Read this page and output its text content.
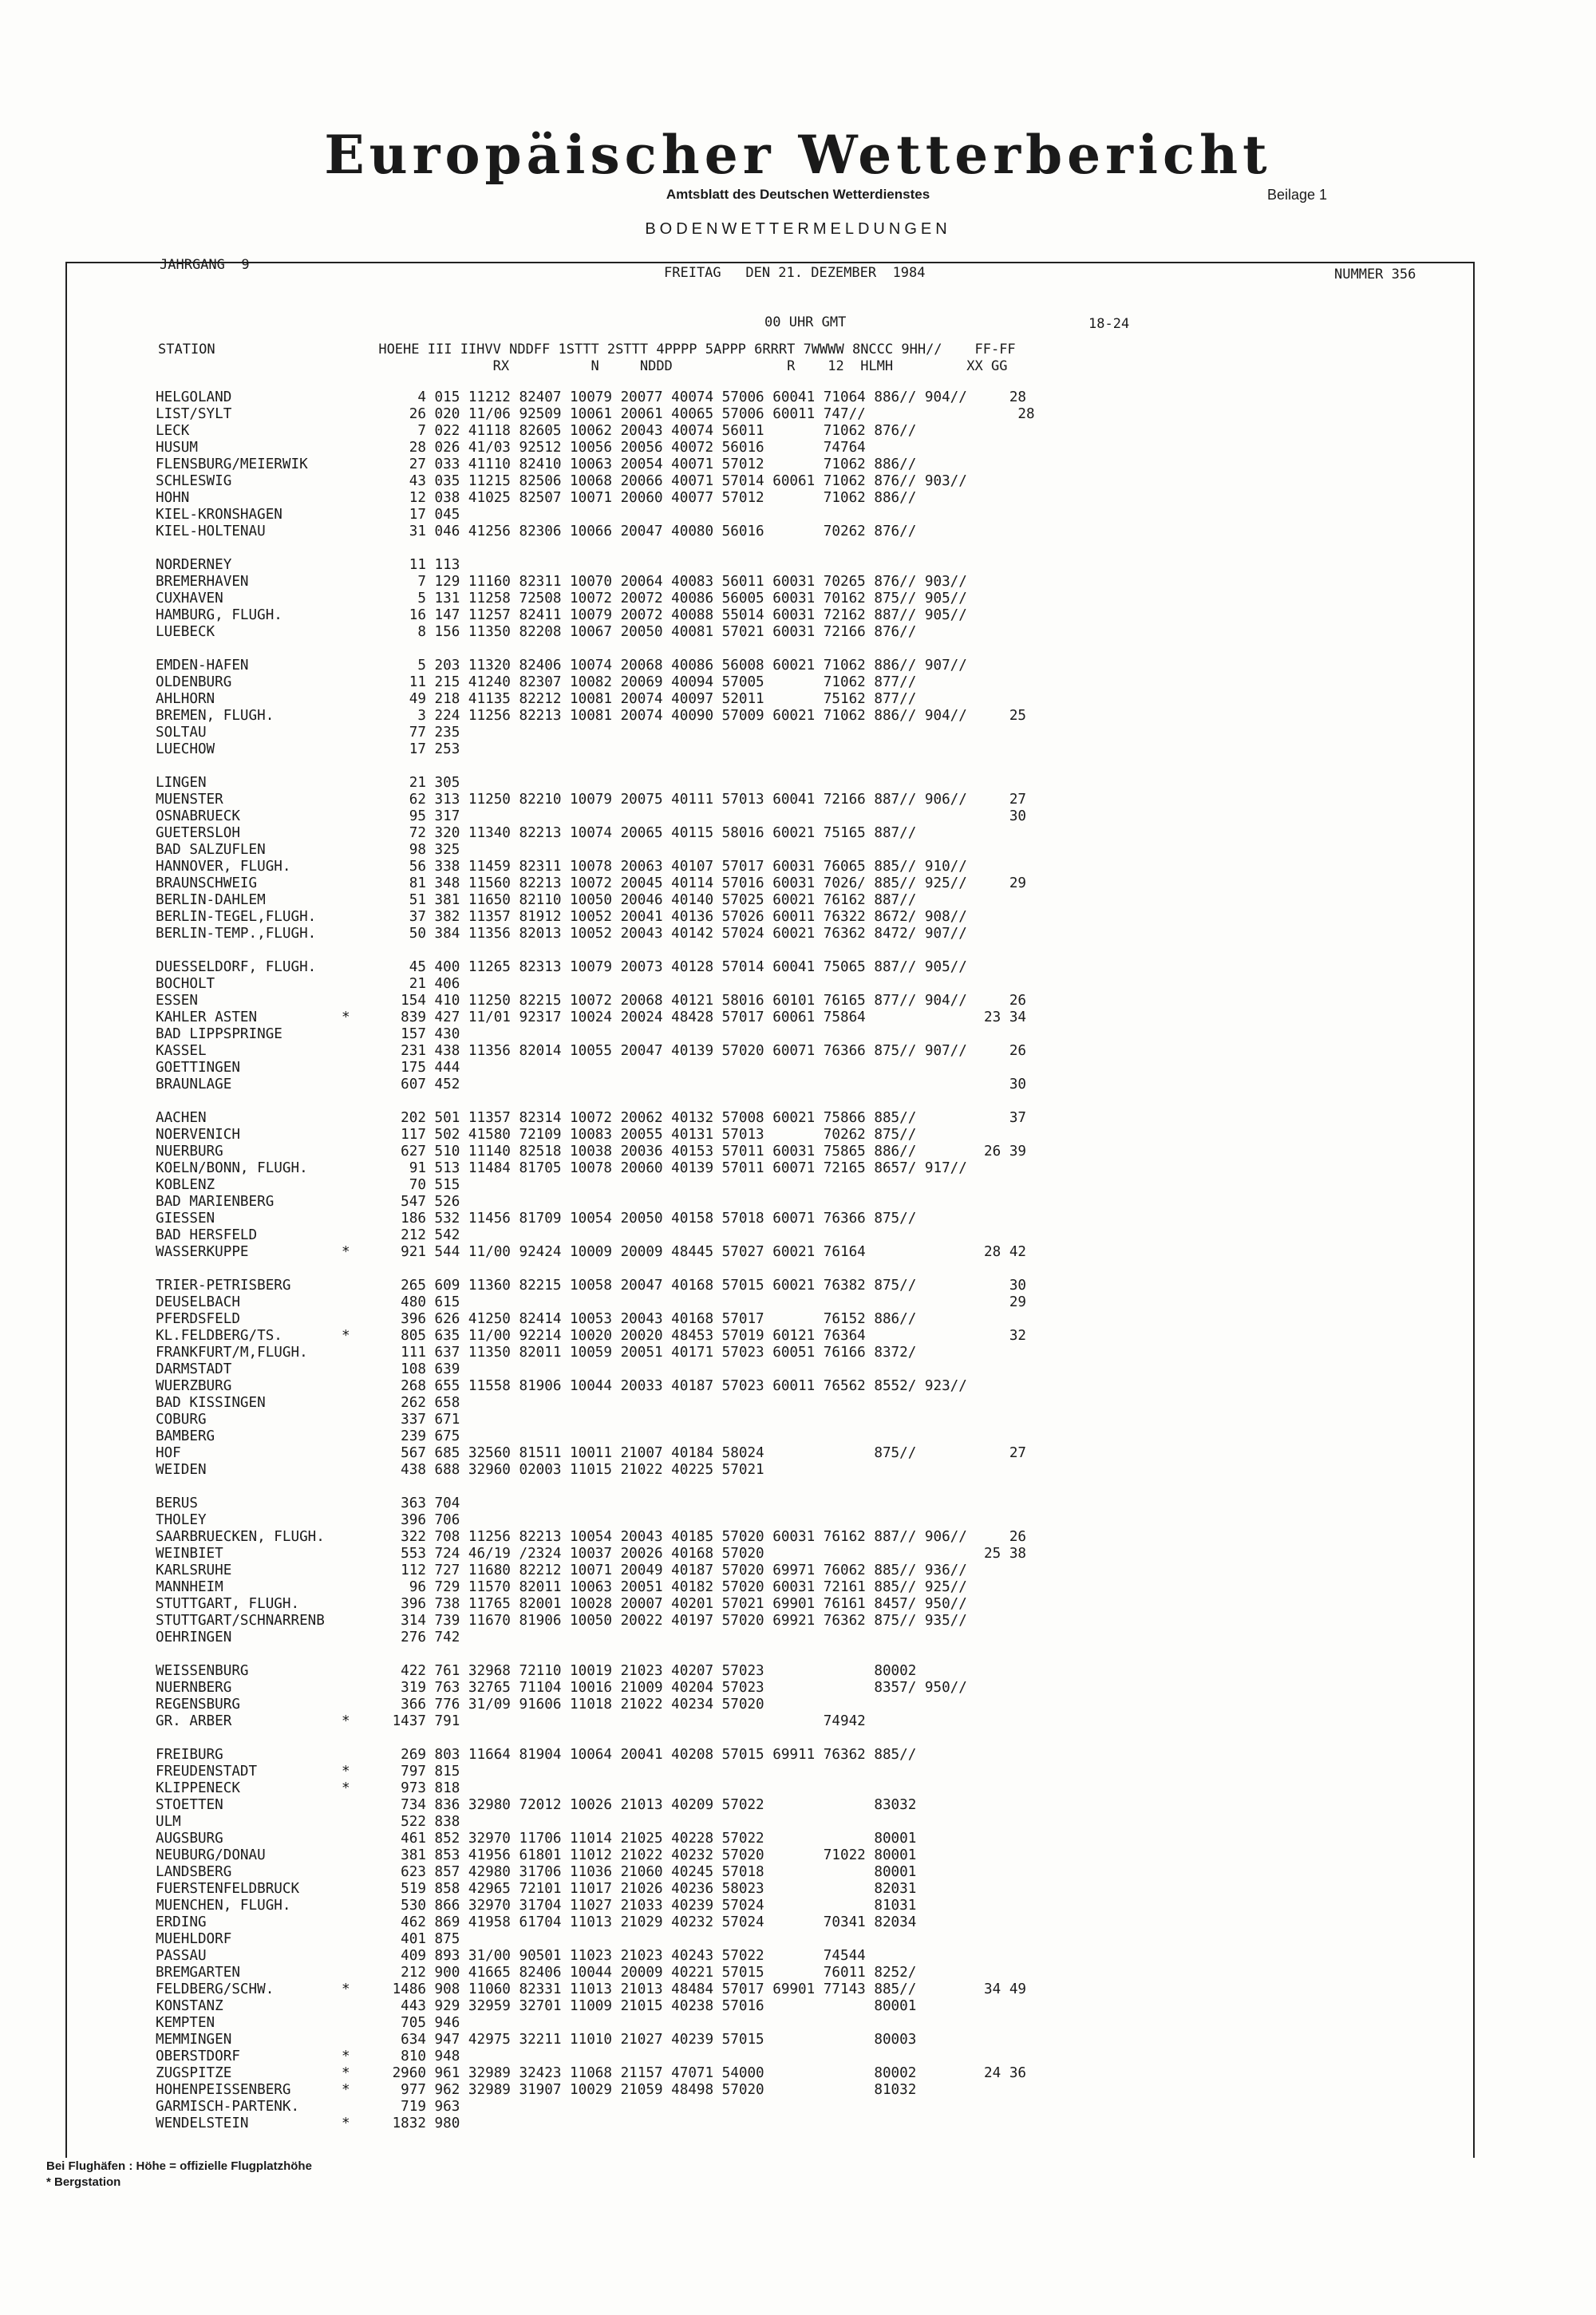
Europäischer Wetterbericht
Amtsblatt des Deutschen Wetterdienstes	Beilage 1
BODENWETTERMELDUNGEN
JAHRGANG  9	FREITAG   DEN 21. DEZEMBER  1984	NUMMER 356
00 UHR GMT	18-24
STATION                    HOEHE III IIHVV NDDFF 1STTT 2STTT 4PPPP 5APPP 6RRRT 7WWWW 8NCCC 9HH//    FF-FF
RX          N     NDDD              R    12  HLMH         XX GG
HELGOLAND                      4 015 11212 82407 10079 20077 40074 57006 60041 71064 886// 904//     28
LIST/SYLT                     26 020 11/06 92509 10061 20061 40065 57006 60011 747//                  28
LECK                           7 022 41118 82605 10062 20043 40074 56011       71062 876//
HUSUM                         28 026 41/03 92512 10056 20056 40072 56016       74764
FLENSBURG/MEIERWIK            27 033 41110 82410 10063 20054 40071 57012       71062 886//
SCHLESWIG                     43 035 11215 82506 10068 20066 40071 57014 60061 71062 876// 903//
HOHN                          12 038 41025 82507 10071 20060 40077 57012       71062 886//
KIEL-KRONSHAGEN               17 045
KIEL-HOLTENAU                 31 046 41256 82306 10066 20047 40080 56016       70262 876//
NORDERNEY                     11 113
BREMERHAVEN                    7 129 11160 82311 10070 20064 40083 56011 60031 70265 876// 903//
CUXHAVEN                       5 131 11258 72508 10072 20072 40086 56005 60031 70162 875// 905//
HAMBURG, FLUGH.               16 147 11257 82411 10079 20072 40088 55014 60031 72162 887// 905//
LUEBECK                        8 156 11350 82208 10067 20050 40081 57021 60031 72166 876//
EMDEN-HAFEN                    5 203 11320 82406 10074 20068 40086 56008 60021 71062 886// 907//
OLDENBURG                     11 215 41240 82307 10082 20069 40094 57005       71062 877//
AHLHORN                       49 218 41135 82212 10081 20074 40097 52011       75162 877//
BREMEN, FLUGH.                 3 224 11256 82213 10081 20074 40090 57009 60021 71062 886// 904//     25
SOLTAU                        77 235
LUECHOW                       17 253
LINGEN                        21 305
MUENSTER                      62 313 11250 82210 10079 20075 40111 57013 60041 72166 887// 906//     27
OSNABRUECK                    95 317                                                                 30
GUETERSLOH                    72 320 11340 82213 10074 20065 40115 58016 60021 75165 887//
BAD SALZUFLEN                 98 325
HANNOVER, FLUGH.              56 338 11459 82311 10078 20063 40107 57017 60031 76065 885// 910//
BRAUNSCHWEIG                  81 348 11560 82213 10072 20045 40114 57016 60031 7026/ 885// 925//     29
BERLIN-DAHLEM                 51 381 11650 82110 10050 20046 40140 57025 60021 76162 887//
BERLIN-TEGEL,FLUGH.           37 382 11357 81912 10052 20041 40136 57026 60011 76322 8672/ 908//
BERLIN-TEMP.,FLUGH.           50 384 11356 82013 10052 20043 40142 57024 60021 76362 8472/ 907//
DUESSELDORF, FLUGH.           45 400 11265 82313 10079 20073 40128 57014 60041 75065 887// 905//
BOCHOLT                       21 406
ESSEN                        154 410 11250 82215 10072 20068 40121 58016 60101 76165 877// 904//     26
KAHLER ASTEN          *      839 427 11/01 92317 10024 20024 48428 57017 60061 75864              23 34
BAD LIPPSPRINGE              157 430
KASSEL                       231 438 11356 82014 10055 20047 40139 57020 60071 76366 875// 907//     26
GOETTINGEN                   175 444
BRAUNLAGE                    607 452                                                                 30
AACHEN                       202 501 11357 82314 10072 20062 40132 57008 60021 75866 885//           37
NOERVENICH                   117 502 41580 72109 10083 20055 40131 57013       70262 875//
NUERBURG                     627 510 11140 82518 10038 20036 40153 57011 60031 75865 886//        26 39
KOELN/BONN, FLUGH.            91 513 11484 81705 10078 20060 40139 57011 60071 72165 8657/ 917//
KOBLENZ                       70 515
BAD MARIENBERG               547 526
GIESSEN                      186 532 11456 81709 10054 20050 40158 57018 60071 76366 875//
BAD HERSFELD                 212 542
WASSERKUPPE           *      921 544 11/00 92424 10009 20009 48445 57027 60021 76164              28 42
TRIER-PETRISBERG             265 609 11360 82215 10058 20047 40168 57015 60021 76382 875//           30
DEUSELBACH                   480 615                                                                 29
PFERDSFELD                   396 626 41250 82414 10053 20043 40168 57017       76152 886//
KL.FELDBERG/TS.       *      805 635 11/00 92214 10020 20020 48453 57019 60121 76364                 32
FRANKFURT/M,FLUGH.           111 637 11350 82011 10059 20051 40171 57023 60051 76166 8372/
DARMSTADT                    108 639
WUERZBURG                    268 655 11558 81906 10044 20033 40187 57023 60011 76562 8552/ 923//
BAD KISSINGEN                262 658
COBURG                       337 671
BAMBERG                      239 675
HOF                          567 685 32560 81511 10011 21007 40184 58024             875//           27
WEIDEN                       438 688 32960 02003 11015 21022 40225 57021
BERUS                        363 704
THOLEY                       396 706
SAARBRUECKEN, FLUGH.         322 708 11256 82213 10054 20043 40185 57020 60031 76162 887// 906//     26
WEINBIET                     553 724 46/19 /2324 10037 20026 40168 57020                          25 38
KARLSRUHE                    112 727 11680 82212 10071 20049 40187 57020 69971 76062 885// 936//
MANNHEIM                      96 729 11570 82011 10063 20051 40182 57020 60031 72161 885// 925//
STUTTGART, FLUGH.            396 738 11765 82001 10028 20007 40201 57021 69901 76161 8457/ 950//
STUTTGART/SCHNARRENB         314 739 11670 81906 10050 20022 40197 57020 69921 76362 875// 935//
OEHRINGEN                    276 742
WEISSENBURG                  422 761 32968 72110 10019 21023 40207 57023             80002
NUERNBERG                    319 763 32765 71104 10016 21009 40204 57023             8357/ 950//
REGENSBURG                   366 776 31/09 91606 11018 21022 40234 57020
GR. ARBER             *     1437 791                                           74942
FREIBURG                     269 803 11664 81904 10064 20041 40208 57015 69911 76362 885//
FREUDENSTADT          *      797 815
KLIPPENECK            *      973 818
STOETTEN                     734 836 32980 72012 10026 21013 40209 57022             83032
ULM                          522 838
AUGSBURG                     461 852 32970 11706 11014 21025 40228 57022             80001
NEUBURG/DONAU                381 853 41956 61801 11012 21022 40232 57020       71022 80001
LANDSBERG                    623 857 42980 31706 11036 21060 40245 57018             80001
FUERSTENFELDBRUCK            519 858 42965 72101 11017 21026 40236 58023             82031
MUENCHEN, FLUGH.             530 866 32970 31704 11027 21033 40239 57024             81031
ERDING                       462 869 41958 61704 11013 21029 40232 57024       70341 82034
MUEHLDORF                    401 875
PASSAU                       409 893 31/00 90501 11023 21023 40243 57022       74544
BREMGARTEN                   212 900 41665 82406 10044 20009 40221 57015       76011 8252/
FELDBERG/SCHW.        *     1486 908 11060 82331 11013 21013 48484 57017 69901 77143 885//        34 49
KONSTANZ                     443 929 32959 32701 11009 21015 40238 57016             80001
KEMPTEN                      705 946
MEMMINGEN                    634 947 42975 32211 11010 21027 40239 57015             80003
OBERSTDORF            *      810 948
ZUGSPITZE             *     2960 961 32989 32423 11068 21157 47071 54000             80002        24 36
HOHENPEISSENBERG      *      977 962 32989 31907 10029 21059 48498 57020             81032
GARMISCH-PARTENK.            719 963
WENDELSTEIN           *     1832 980
Bei Flughäfen : Höhe = offizielle Flugplatzhöhe
* Bergstation
